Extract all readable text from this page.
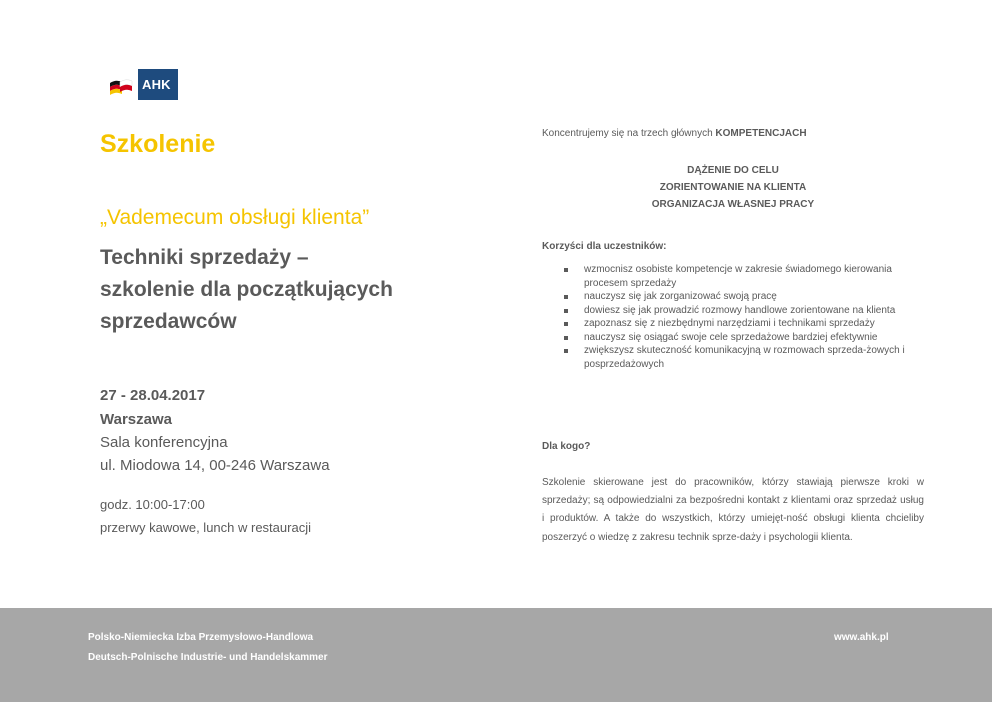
AHK
Szkolenie
„Vademecum obsługi klienta”
Techniki sprzedaży –
szkolenie dla początkujących
sprzedawców
27 - 28.04.2017
Warszawa
Sala konferencyjna
ul. Miodowa 14, 00-246 Warszawa
godz. 10:00-17:00
przerwy kawowe, lunch w restauracji
Koncentrujemy się na trzech głównych KOMPETENCJACH
DĄŻENIE DO CELU
ZORIENTOWANIE NA KLIENTA
ORGANIZACJA WŁASNEJ PRACY
Korzyści dla uczestników:
wzmocnisz osobiste kompetencje w zakresie świadomego kierowania procesem sprzedaży
nauczysz się jak zorganizować swoją pracę
dowiesz się jak prowadzić rozmowy handlowe zorientowane na klienta
zapoznasz się z niezbędnymi narzędziami i technikami sprzedaży
nauczysz się osiągać swoje cele sprzedażowe bardziej efektywnie
zwiększysz skuteczność komunikacyjną w rozmowach sprzeda-żowych i posprzedażowych
Dla kogo?
Szkolenie skierowane jest do pracowników, którzy stawiają pierwsze kroki w sprzedaży; są odpowiedzialni za bezpośredni kontakt z klientami oraz sprzedaż usług i produktów. A także do wszystkich, którzy umiejęt-ność obsługi klienta chcieliby poszerzyć o wiedzę z zakresu technik sprze-daży i psychologii klienta.
Polsko-Niemiecka Izba Przemysłowo-Handlowa
Deutsch-Polnische Industrie- und Handelskammer
www.ahk.pl
